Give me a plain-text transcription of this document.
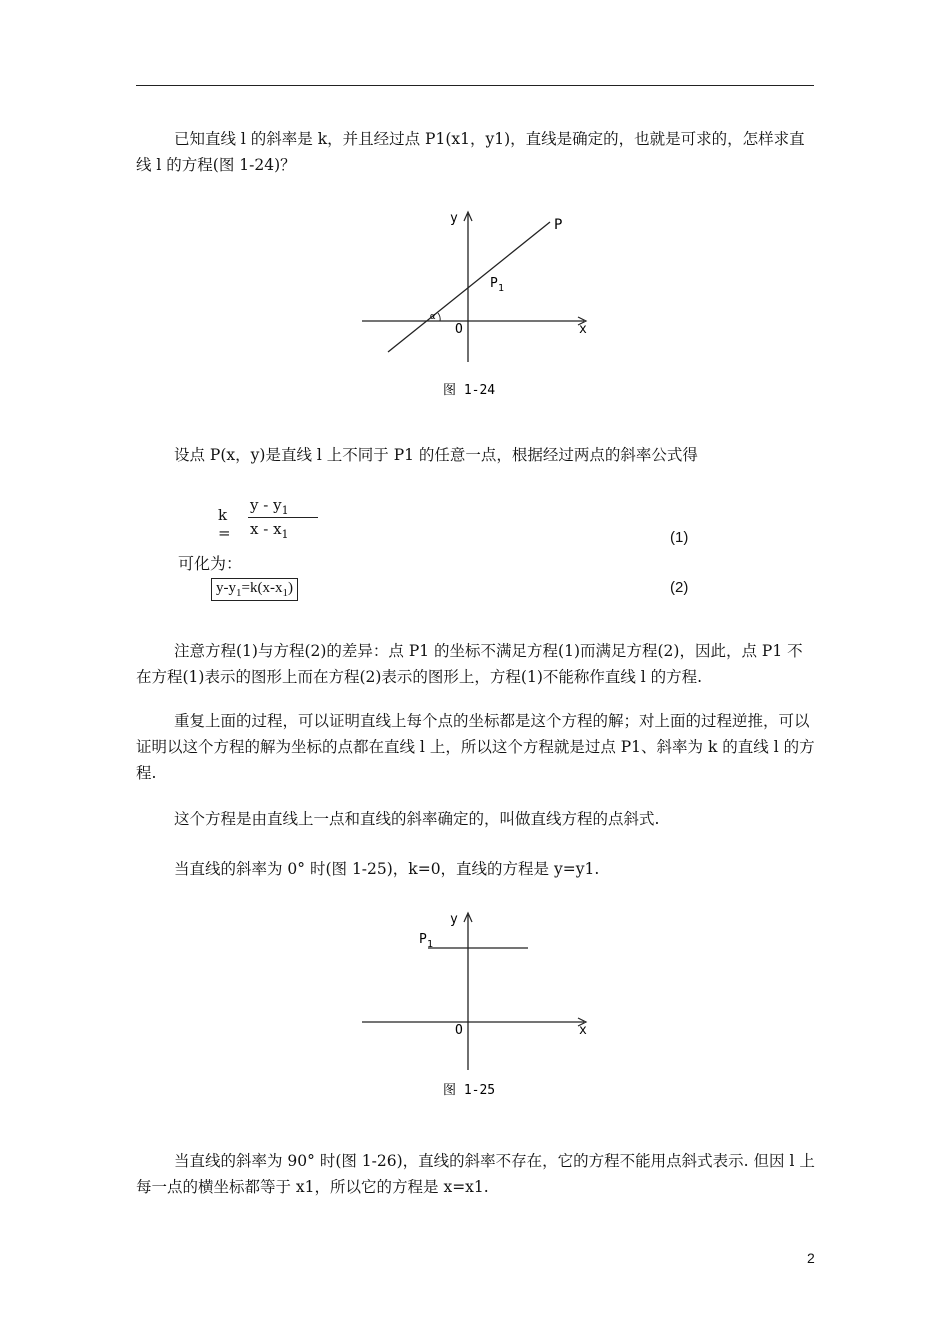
已知直线 l 的斜率是 k，并且经过点 P1(x1，y1)，直线是确定的，也就是可求的，怎样求直线 l 的方程(图 1-24)？

y
x
O
P
P 1
α
图 1-24

设点 P(x，y)是直线 l 上不同于 P1 的任意一点，根据经过两点的斜率公式得

k =
y - $y_1$
x - $x_1$	(1)
可化为：
$y-y_1=k(x-x_1)$	(2)

注意方程(1)与方程(2)的差异：点 P1 的坐标不满足方程(1)而满足方程(2)，因此，点 P1 不在方程(1)表示的图形上而在方程(2)表示的图形上，方程(1)不能称作直线 l 的方程.

重复上面的过程，可以证明直线上每个点的坐标都是这个方程的解；对上面的过程逆推，可以证明以这个方程的解为坐标的点都在直线 l 上，所以这个方程就是过点 P1、斜率为 k 的直线 l 的方程.

这个方程是由直线上一点和直线的斜率确定的，叫做直线方程的点斜式.

当直线的斜率为 0° 时(图 1-25)，k=0，直线的方程是 y=y1.

y
x
O
P 1
图 1-25

当直线的斜率为 90° 时(图 1-26)，直线的斜率不存在，它的方程不能用点斜式表示. 但因 l 上每一点的横坐标都等于 x1，所以它的方程是 x=x1.

2
